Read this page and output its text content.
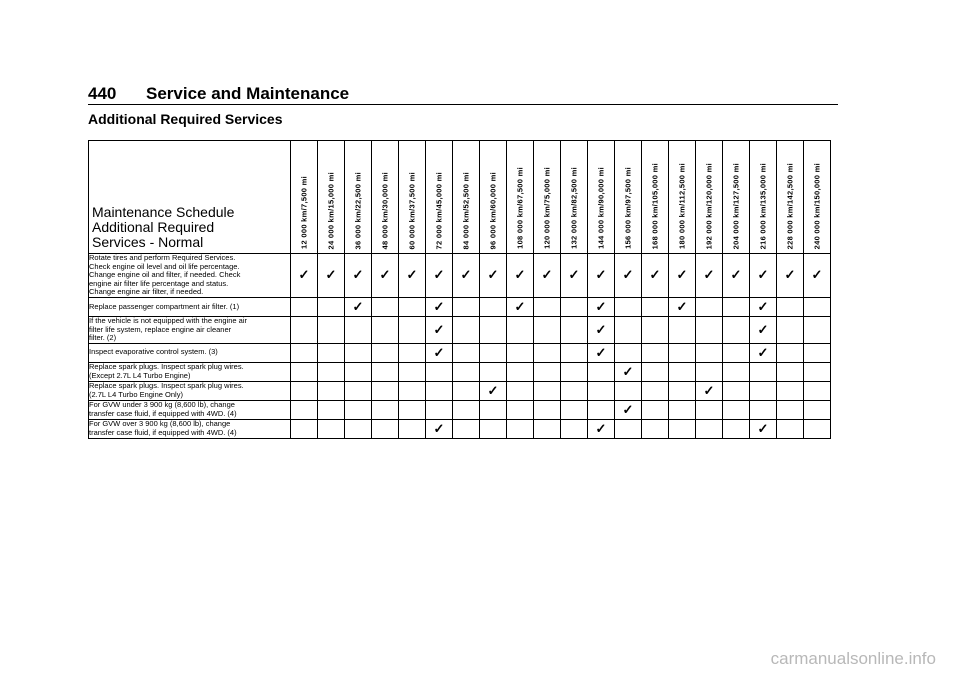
440 Service and Maintenance
Additional Required Services
Maintenance Schedule
Additional Required
Services - Normal	12 000 km/7,500 mi	24 000 km/15,000 mi	36 000 km/22,500 mi	48 000 km/30,000 mi	60 000 km/37,500 mi	72 000 km/45,000 mi	84 000 km/52,500 mi	96 000 km/60,000 mi	108 000 km/67,500 mi	120 000 km/75,000 mi	132 000 km/82,500 mi	144 000 km/90,000 mi	156 000 km/97,500 mi	168 000 km/105,000 mi	180 000 km/112,500 mi	192 000 km/120,000 mi	204 000 km/127,500 mi	216 000 km/135,000 mi	228 000 km/142,500 mi	240 000 km/150,000 mi

Rotate tires and perform Required Services.
Check engine oil level and oil life percentage.
Change engine oil and filter, if needed. Check
engine air filter life percentage and status.
Change engine air filter, if needed.	✓	✓	✓	✓	✓	✓	✓	✓	✓	✓	✓	✓	✓	✓	✓	✓	✓	✓	✓	✓
Replace passenger compartment air filter. (1)			✓			✓			✓			✓			✓			✓		
If the vehicle is not equipped with the engine air
filter life system, replace engine air cleaner
filter. (2)						✓						✓						✓		
Inspect evaporative control system. (3)						✓						✓						✓		
Replace spark plugs. Inspect spark plug wires.
(Except 2.7L L4 Turbo Engine)													✓							
Replace spark plugs. Inspect spark plug wires.
(2.7L L4 Turbo Engine Only)								✓								✓				
For GVW under 3 900 kg (8,600 lb), change
transfer case fluid, if equipped with 4WD. (4)													✓							
For GVW over 3 900 kg (8,600 lb), change
transfer case fluid, if equipped with 4WD. (4)						✓						✓						✓		
carmanualsonline.info
